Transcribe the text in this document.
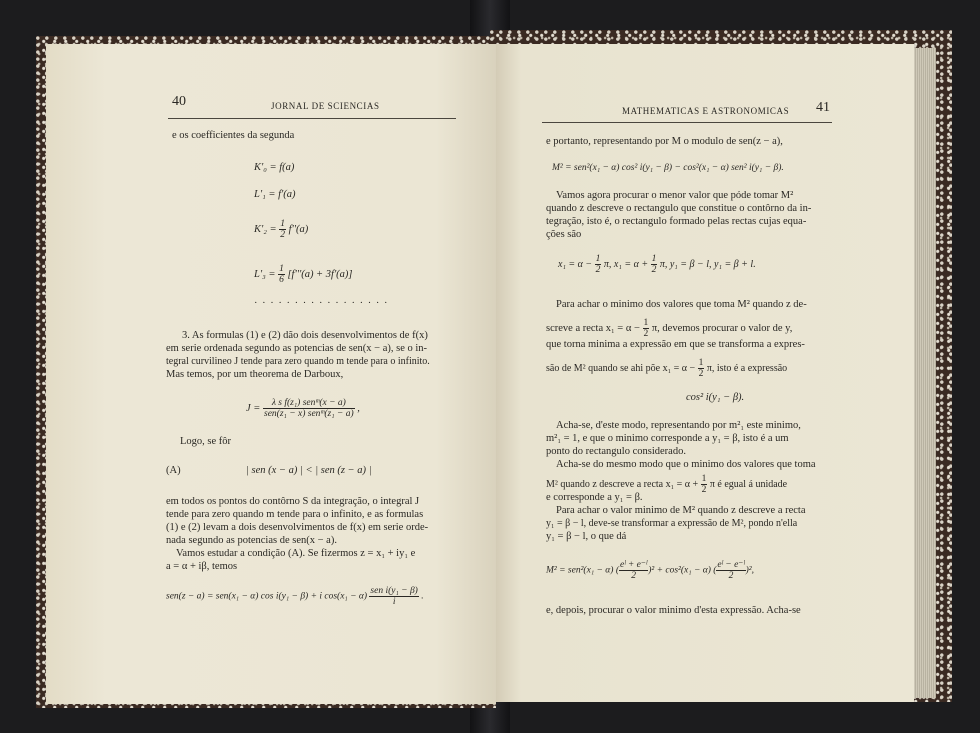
40	JORNAL DE SCIENCIAS
e os coefficientes da segunda
K'₀ = f(a)
L'₁ = f'(a)
$K'_2 = \frac{1}{2} f''(a)$
$L'_3 = \frac{1}{6} [f'''(a) + 3f'(a)]$
· · · · · · · · · · · · · · · · ·
3. As formulas (1) e (2) dão dois desenvolvimentos de f(x)
em serie ordenada segundo as potencias de sen(x − a), se o in-
tegral curvilineo J tende para zero quando m tende para o infinito.
Mas temos, por um theorema de Darboux,
$J = \frac{\text{λ s f(z₁) senᵐ(x − a)}}{\text{sen(z₁ − x) senᵐ(z₁ − a)}}$ ,
Logo, se fôr
(A)	| sen (x − a) | < | sen (z − a) |
em todos os pontos do contôrno S da integração, o integral J
tende para zero quando m tende para o infinito, e as formulas
(1) e (2) levam a dois desenvolvimentos de f(x) em serie orde-
nada segundo as potencias de sen(x − a).
Vamos estudar a condição (A). Se fizermos z = x₁ + iy₁ e
a = α + iβ, temos
sen(z − a) = sen(x₁ − α) cos i(y₁ − β) + i $\cos(x_1 - \alpha) \frac{\text{sen i(y₁ − β)}}{i}$ .
MATHEMATICAS E ASTRONOMICAS 41
e portanto, representando por M o modulo de sen(z − a),
M² = sen²(x₁ − α) cos² i(y₁ − β) − cos²(x₁ − α) sen² i(y₁ − β).
Vamos agora procurar o menor valor que póde tomar M²
quando z descreve o rectangulo que constitue o contôrno da in-
tegração, isto é, o rectangulo formado pelas rectas cujas equa-
ções são
$x_1 = \alpha - \frac{1}{2} \pi$, $x_1 = \alpha + \frac{1}{2} \pi$, y₁ = β − l, y₁ = β + l.
Para achar o minimo dos valores que toma M² quando z de-
screve a recta $x_1 = \alpha - \frac{1}{2} \pi$, devemos procurar o valor de y,
que torna minima a expressão em que se transforma a expres-
são de M² quando se ahi põe $x_1 = \alpha - \frac{1}{2} \pi$, isto é a expressão
cos² i(y₁ − β).
Acha-se, d'este modo, representando por m²₁ este minimo,
m²₁ = 1, e que o minimo corresponde a y₁ = β, isto é a um
ponto do rectangulo considerado.
Acha-se do mesmo modo que o minimo dos valores que toma
M² quando z descreve a recta $x_1 = \alpha + \frac{1}{2}$ π é egual á unidade
e corresponde a y₁ = β.
Para achar o valor minimo de M² quando z descreve a recta
y₁ = β − l, deve-se transformar a expressão de M², pondo n'ella
y₁ = β − l, o que dá
M² = sen²(x₁ − α) ( $\frac{\text{eˡ + e⁻ˡ}}{2} )^2 + \cos^2(x_1 - \alpha)$ ( $\frac{\text{eˡ − e⁻ˡ}}{2} )^2$,
e, depois, procurar o valor minimo d'esta expressão. Acha-se
